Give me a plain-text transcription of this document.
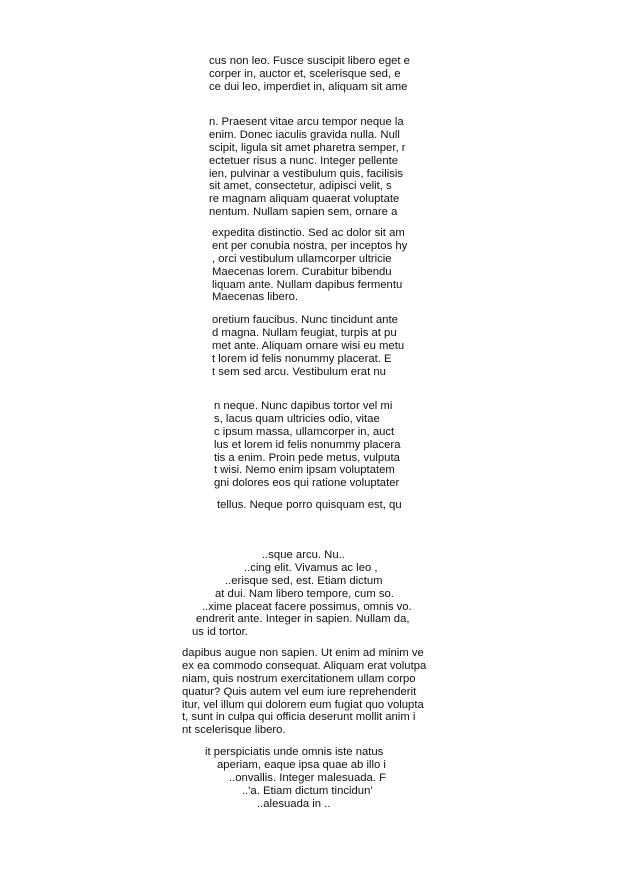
cus non leo. Fusce suscipit libero eget e
corper in, auctor et, scelerisque sed, e
ce dui leo, imperdiet in, aliquam sit ame
n. Praesent vitae arcu tempor neque la
enim. Donec iaculis gravida nulla. Null
scipit, ligula sit amet pharetra semper, r
ectetuer risus a nunc. Integer pellente
ien, pulvinar a vestibulum quis, facilisis
sit amet, consectetur, adipisci velit, s
re magnam aliquam quaerat voluptate
nentum. Nullam sapien sem, ornare a
expedita distinctio. Sed ac dolor sit am
ent per conubia nostra, per inceptos hy
, orci vestibulum ullamcorper ultricie
Maecenas lorem. Curabitur bibendu
liquam ante. Nullam dapibus fermentu
Maecenas libero.
oretium faucibus. Nunc tincidunt ante
d magna. Nullam feugiat, turpis at pu
met ante. Aliquam ornare wisi eu metu
t lorem id felis nonummy placerat. E
t sem sed arcu. Vestibulum erat nu
n neque. Nunc dapibus tortor vel mi
s, lacus quam ultricies odio, vitae
c ipsum massa, ullamcorper in, auct
lus et lorem id felis nonummy placera
tis a enim. Proin pede metus, vulputa
t wisi. Nemo enim ipsam voluptatem
gni dolores eos qui ratione voluptater
tellus. Neque porro quisquam est, qu
..sque arcu. Nu..
..cing elit. Vivamus ac leo ,
..erisque sed, est. Etiam dictum
at dui. Nam libero tempore, cum so.
..xime placeat facere possimus, omnis vo.
endrerit ante. Integer in sapien. Nullam da,
us id tortor.
dapibus augue non sapien. Ut enim ad minim ve
ex ea commodo consequat. Aliquam erat volutpa
niam, quis nostrum exercitationem ullam corpo
quatur? Quis autem vel eum iure reprehenderit
itur, vel illum qui dolorem eum fugiat quo volupta
t, sunt in culpa qui officia deserunt mollit anim i
nt scelerisque libero.
it perspiciatis unde omnis iste natus
aperiam, eaque ipsa quae ab illo i
..onvallis. Integer malesuada. F
..'a. Etiam dictum tincidun'
..alesuada in ..
